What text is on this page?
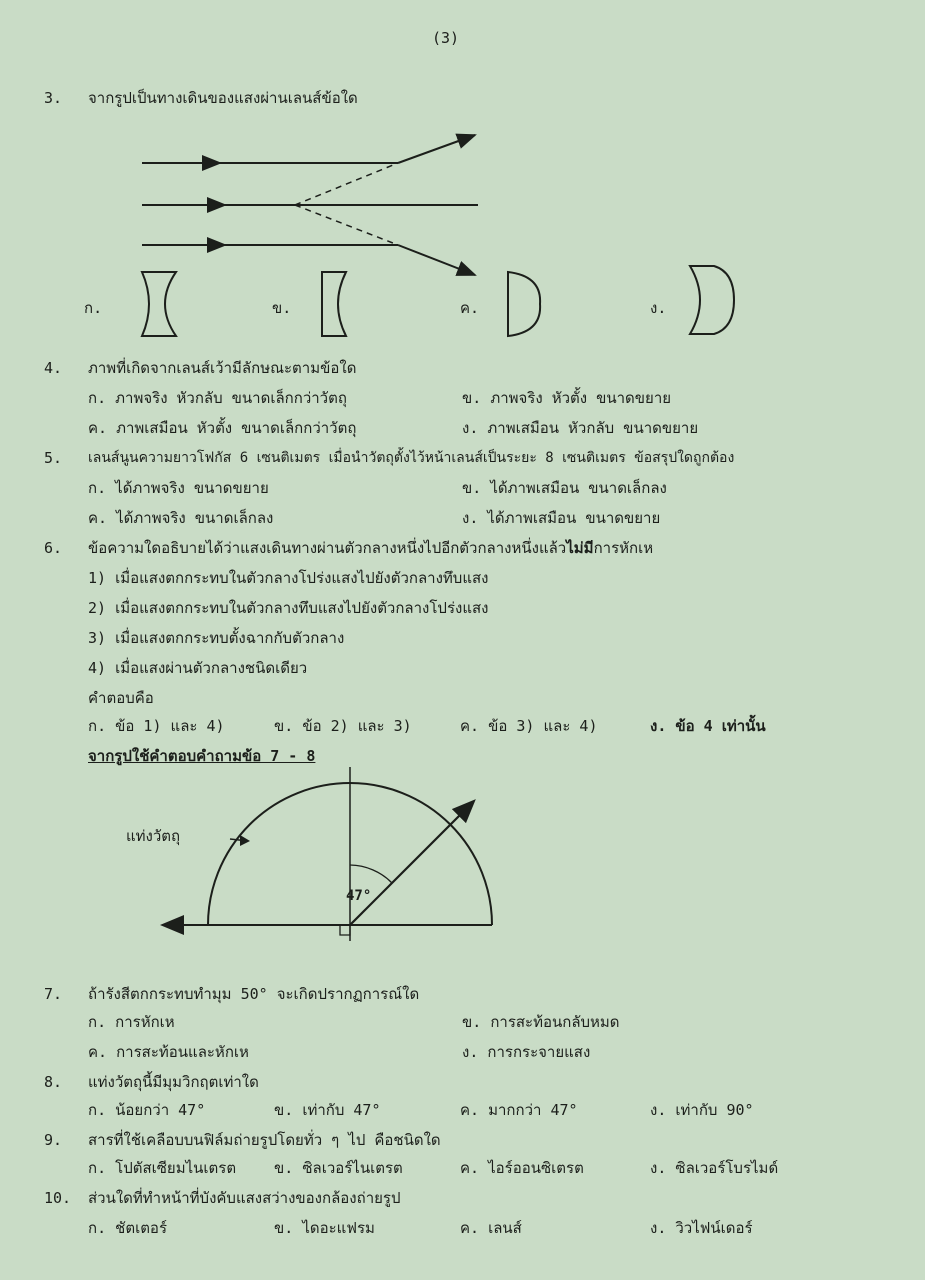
(3)
3. จากรูปเป็นทางเดินของแสงผ่านเลนส์ข้อใด
ก.	ข.	ค.	ง.
4. ภาพที่เกิดจากเลนส์เว้ามีลักษณะตามข้อใด
ก. ภาพจริง หัวกลับ ขนาดเล็กกว่าวัตถุ	ข. ภาพจริง หัวตั้ง ขนาดขยาย
ค. ภาพเสมือน หัวตั้ง ขนาดเล็กกว่าวัตถุ	ง. ภาพเสมือน หัวกลับ ขนาดขยาย
5. เลนส์นูนความยาวโฟกัส 6 เซนติเมตร เมื่อนำวัตถุตั้งไว้หน้าเลนส์เป็นระยะ 8 เซนติเมตร ข้อสรุปใดถูกต้อง
ก. ได้ภาพจริง ขนาดขยาย	ข. ได้ภาพเสมือน ขนาดเล็กลง
ค. ได้ภาพจริง ขนาดเล็กลง	ง. ได้ภาพเสมือน ขนาดขยาย
6. ข้อความใดอธิบายได้ว่าแสงเดินทางผ่านตัวกลางหนึ่งไปอีกตัวกลางหนึ่งแล้วไม่มีการหักเห
1) เมื่อแสงตกกระทบในตัวกลางโปร่งแสงไปยังตัวกลางทึบแสง
2) เมื่อแสงตกกระทบในตัวกลางทึบแสงไปยังตัวกลางโปร่งแสง
3) เมื่อแสงตกกระทบตั้งฉากกับตัวกลาง
4) เมื่อแสงผ่านตัวกลางชนิดเดียว
คำตอบคือ
ก. ข้อ 1) และ 4)	ข. ข้อ 2) และ 3)	ค. ข้อ 3) และ 4)	ง. ข้อ 4 เท่านั้น
จากรูปใช้คำตอบคำถามข้อ 7 - 8
แท่งวัตถุ
47°
7. ถ้ารังสีตกกระทบทำมุม 50° จะเกิดปรากฏการณ์ใด
ก. การหักเห	ข. การสะท้อนกลับหมด
ค. การสะท้อนและหักเห	ง. การกระจายแสง
8. แท่งวัตถุนี้มีมุมวิกฤตเท่าใด
ก. น้อยกว่า 47°	ข. เท่ากับ 47°	ค. มากกว่า 47°	ง. เท่ากับ 90°
9. สารที่ใช้เคลือบบนฟิล์มถ่ายรูปโดยทั่ว ๆ ไป คือชนิดใด
ก. โปตัสเซียมไนเตรต	ข. ซิลเวอร์ไนเตรต	ค. ไอร์ออนซิเตรต	ง. ซิลเวอร์โบรไมด์
10. ส่วนใดที่ทำหน้าที่บังคับแสงสว่างของกล้องถ่ายรูป
ก. ชัตเตอร์	ข. ไดอะแฟรม	ค. เลนส์	ง. วิวไฟน์เดอร์
